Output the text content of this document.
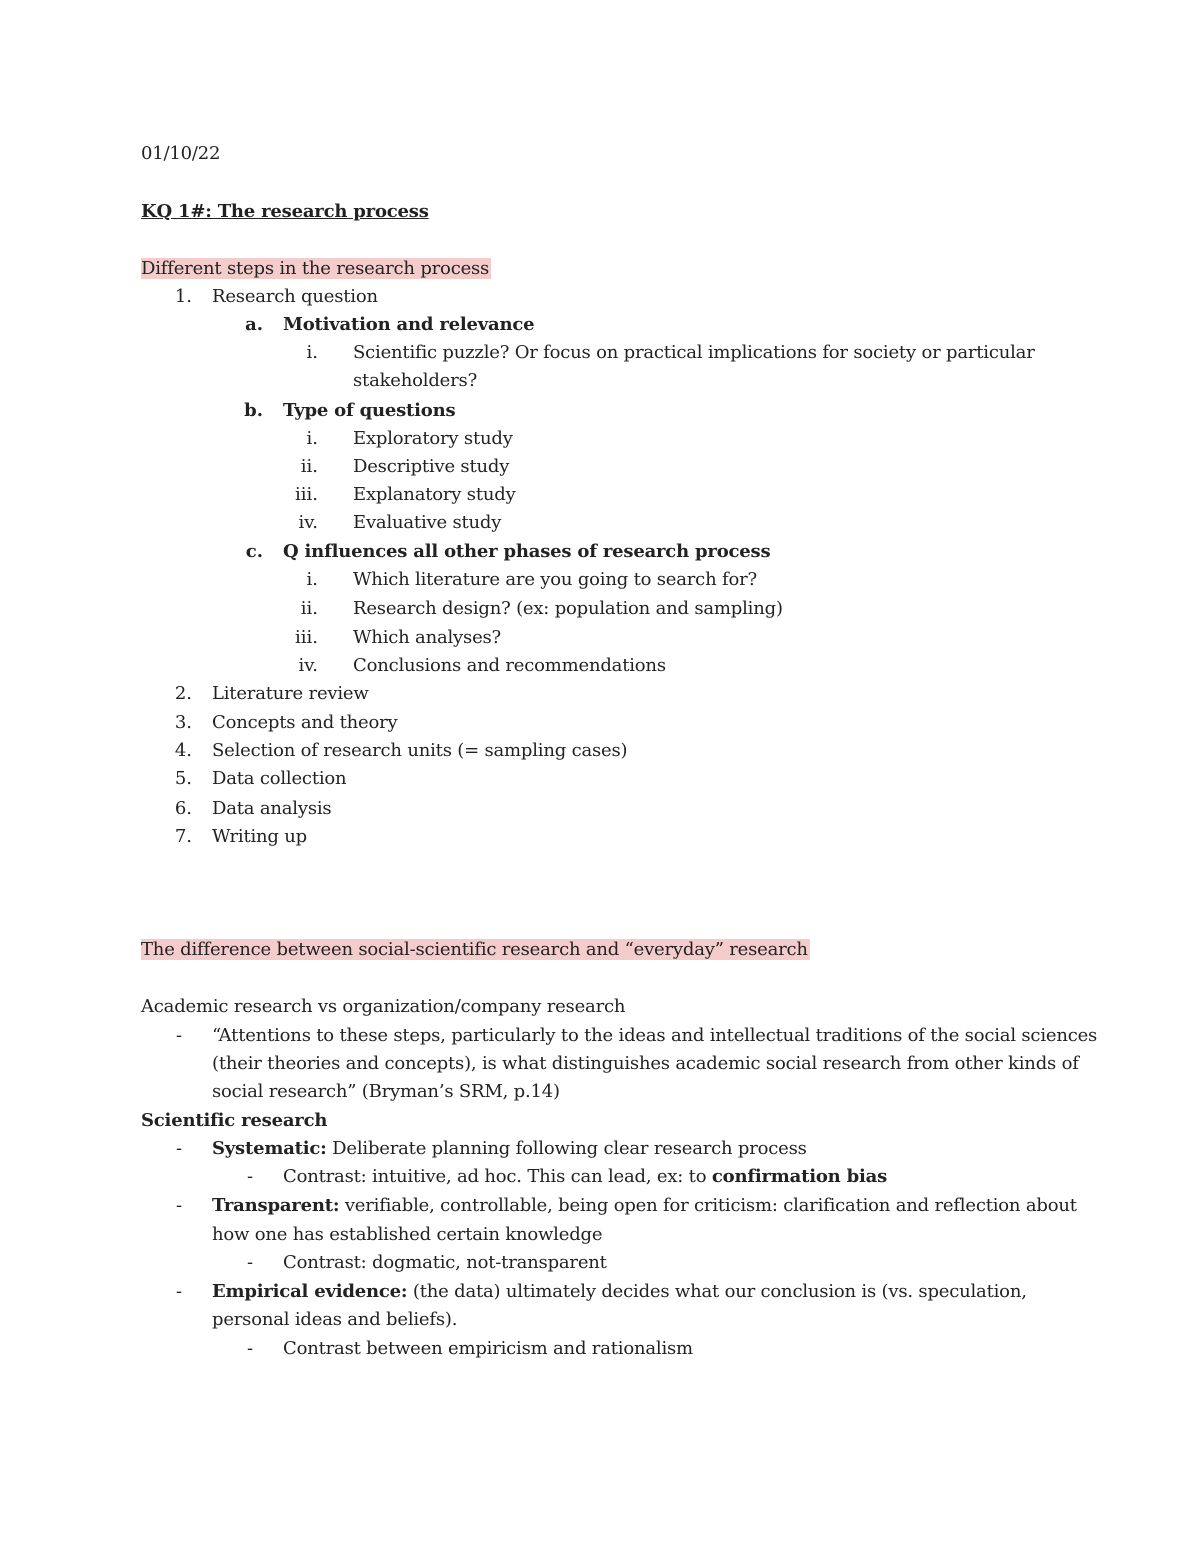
01/10/22
KQ 1#: The research process
Different steps in the research process
1. Research question
a. Motivation and relevance
i. Scientific puzzle? Or focus on practical implications for society or particular
stakeholders?
b. Type of questions
i. Exploratory study
ii. Descriptive study
iii. Explanatory study
iv. Evaluative study
c. Q influences all other phases of research process
i. Which literature are you going to search for?
ii. Research design? (ex: population and sampling)
iii. Which analyses?
iv. Conclusions and recommendations
2. Literature review
3. Concepts and theory
4. Selection of research units (= sampling cases)
5. Data collection
6. Data analysis
7. Writing up
The difference between social-scientific research and “everyday” research
Academic research vs organization/company research
- “Attentions to these steps, particularly to the ideas and intellectual traditions of the social sciences
(their theories and concepts), is what distinguishes academic social research from other kinds of
social research” (Bryman’s SRM, p.14)
Scientific research
- Systematic: Deliberate planning following clear research process
- Contrast: intuitive, ad hoc. This can lead, ex: to confirmation bias
- Transparent: verifiable, controllable, being open for criticism: clarification and reflection about
how one has established certain knowledge
- Contrast: dogmatic, not-transparent
- Empirical evidence: (the data) ultimately decides what our conclusion is (vs. speculation,
personal ideas and beliefs).
- Contrast between empiricism and rationalism
